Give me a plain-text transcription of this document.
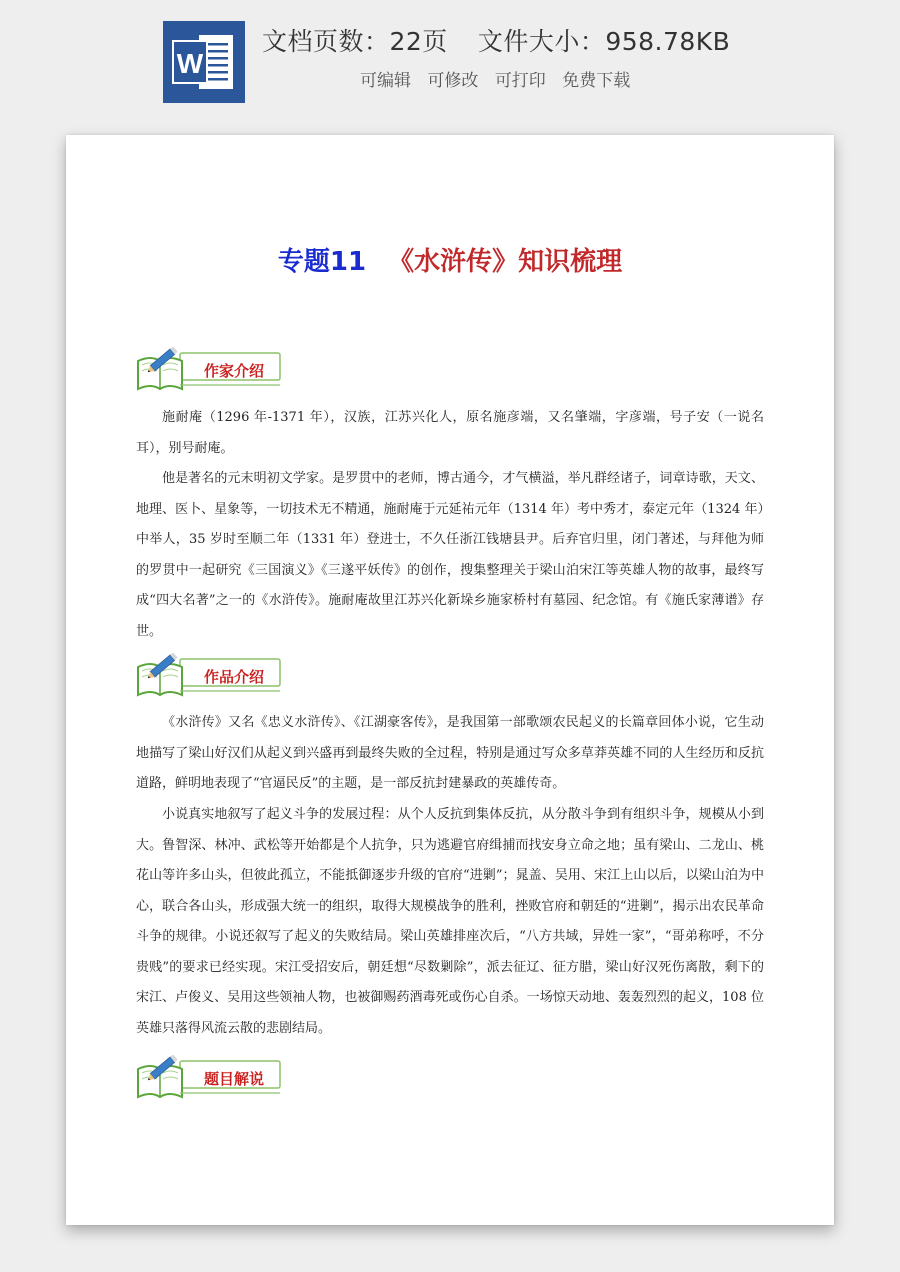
W
文档页数：22页 文件大小：958.78KB
可编辑 可修改 可打印 免费下载
专题11 《水浒传》知识梳理
作家介绍

施耐庵（1296 年-1371 年），汉族，江苏兴化人，原名施彦端，又名肇端，字彦端，号子安（一说名耳），别号耐庵。

他是著名的元末明初文学家。是罗贯中的老师，博古通今，才气横溢，举凡群经诸子，词章诗歌，天文、地理、医卜、星象等，一切技术无不精通，施耐庵于元延祐元年（1314 年）考中秀才，泰定元年（1324 年）中举人，35 岁时至顺二年（1331 年）登进士，不久任浙江钱塘县尹。后弃官归里，闭门著述，与拜他为师的罗贯中一起研究《三国演义》《三遂平妖传》的创作，搜集整理关于梁山泊宋江等英雄人物的故事，最终写成“四大名著”之一的《水浒传》。施耐庵故里江苏兴化新垛乡施家桥村有墓园、纪念馆。有《施氏家薄谱》存世。

作品介绍

《水浒传》又名《忠义水浒传》、《江湖豪客传》，是我国第一部歌颂农民起义的长篇章回体小说，它生动地描写了梁山好汉们从起义到兴盛再到最终失败的全过程，特别是通过写众多草莽英雄不同的人生经历和反抗道路，鲜明地表现了“官逼民反”的主题，是一部反抗封建暴政的英雄传奇。

小说真实地叙写了起义斗争的发展过程：从个人反抗到集体反抗，从分散斗争到有组织斗争，规模从小到大。鲁智深、林冲、武松等开始都是个人抗争，只为逃避官府缉捕而找安身立命之地；虽有梁山、二龙山、桃花山等许多山头，但彼此孤立，不能抵御逐步升级的官府“进剿”；晁盖、吴用、宋江上山以后，以梁山泊为中心，联合各山头，形成强大统一的组织，取得大规模战争的胜利，挫败官府和朝廷的“进剿”，揭示出农民革命斗争的规律。小说还叙写了起义的失败结局。梁山英雄排座次后，“八方共域，异姓一家”，“哥弟称呼，不分贵贱”的要求已经实现。宋江受招安后，朝廷想“尽数剿除”，派去征辽、征方腊，梁山好汉死伤离散，剩下的宋江、卢俊义、吴用这些领袖人物，也被御赐药酒毒死或伤心自杀。一场惊天动地、轰轰烈烈的起义，108 位英雄只落得风流云散的悲剧结局。

题目解说
